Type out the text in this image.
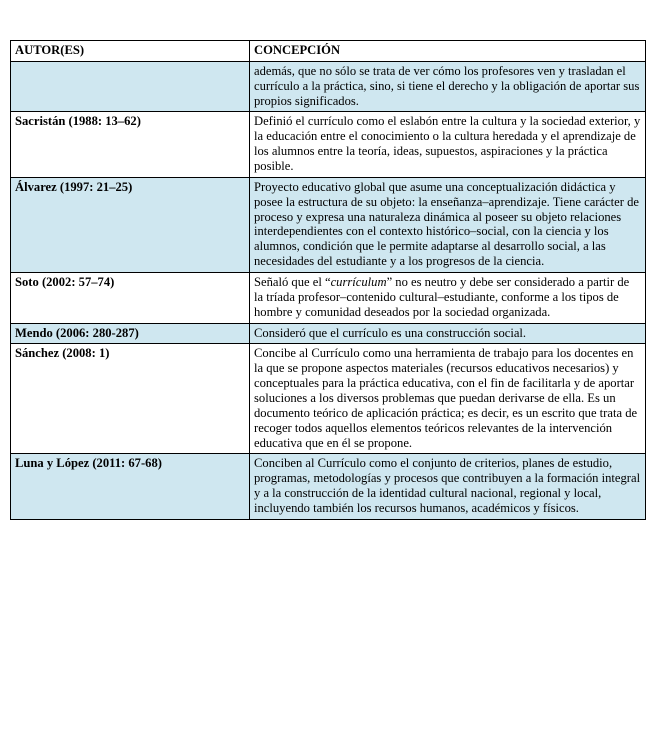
AUTOR(ES)	CONCEPCIÓN
	además, que no sólo se trata de ver cómo los profesores ven y trasladan el currículo a la práctica, sino, si tiene el derecho y la obligación de aportar sus propios significados.
Sacristán (1988: 13–62)	Definió el currículo como el eslabón entre la cultura y la sociedad exterior, y la educación entre el conocimiento o la cultura heredada y el aprendizaje de los alumnos entre la teoría, ideas, supuestos, aspiraciones y la práctica posible.
Álvarez (1997: 21–25)	Proyecto educativo global que asume una conceptualización didáctica y posee la estructura de su objeto: la enseñanza–aprendizaje. Tiene carácter de proceso y expresa una naturaleza dinámica al poseer su objeto relaciones interdependientes con el contexto histórico–social, con la ciencia y los alumnos, condición que le permite adaptarse al desarrollo social, a las necesidades del estudiante y a los progresos de la ciencia.
Soto (2002: 57–74)	Señaló que el “currículum” no es neutro y debe ser considerado a partir de la tríada profesor–contenido cultural–estudiante, conforme a los tipos de hombre y comunidad deseados por la sociedad organizada.
Mendo (2006: 280-287)	Consideró que el currículo es una construcción social.
Sánchez (2008: 1)	Concibe al Currículo como una herramienta de trabajo para los docentes en la que se propone aspectos materiales (recursos educativos necesarios) y conceptuales para la práctica educativa, con el fin de facilitarla y de aportar soluciones a los diversos problemas que puedan derivarse de ella. Es un documento teórico de aplicación práctica; es decir, es un escrito que trata de recoger todos aquellos elementos teóricos relevantes de la intervención educativa que en él se propone.
Luna y López (2011: 67-68)	Conciben al Currículo como el conjunto de criterios, planes de estudio, programas, metodologías y procesos que contribuyen a la formación integral y a la construcción de la identidad cultural nacional, regional y local, incluyendo también los recursos humanos, académicos y físicos.
